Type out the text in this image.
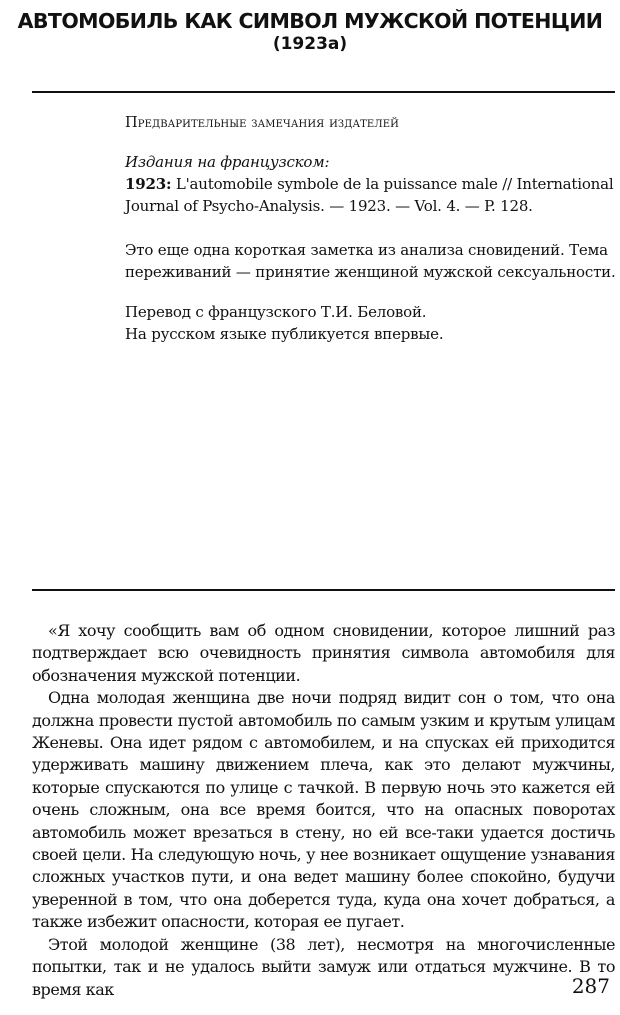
АВТОМОБИЛЬ КАК СИМВОЛ МУЖСКОЙ ПОТЕНЦИИ
(1923а)
Предварительные замечания издателей
Издания на французском:
1923: L'automobile symbole de la puissance male // International
Journal of Psycho-Analysis. — 1923. — Vol. 4. — P. 128.
Это еще одна короткая заметка из анализа сновидений. Тема
переживаний — принятие женщиной мужской сексуальности.
Перевод с французского Т.И. Беловой.
На русском языке публикуется впервые.

«Я хочу сообщить вам об одном сновидении, которое лишний раз подтверждает всю очевидность принятия символа автомобиля для обозначения мужской потенции.

Одна молодая женщина две ночи подряд видит сон о том, что она должна провести пустой автомобиль по самым узким и крутым улицам Женевы. Она идет рядом с автомобилем, и на спусках ей приходится удерживать машину движением плеча, как это делают мужчины, которые спускаются по улице с тачкой. В первую ночь это кажется ей очень сложным, она все время боится, что на опасных поворотах автомобиль может врезаться в стену, но ей все-таки удается достичь своей цели. На следующую ночь, у нее возникает ощущение узнавания сложных участков пути, и она ведет машину более спокойно, будучи уверенной в том, что она доберется туда, куда она хочет добраться, а также избежит опасности, которая ее пугает.

Этой молодой женщине (38 лет), несмотря на многочисленные попытки, так и не удалось выйти замуж или отдаться мужчине. В то время как	287
